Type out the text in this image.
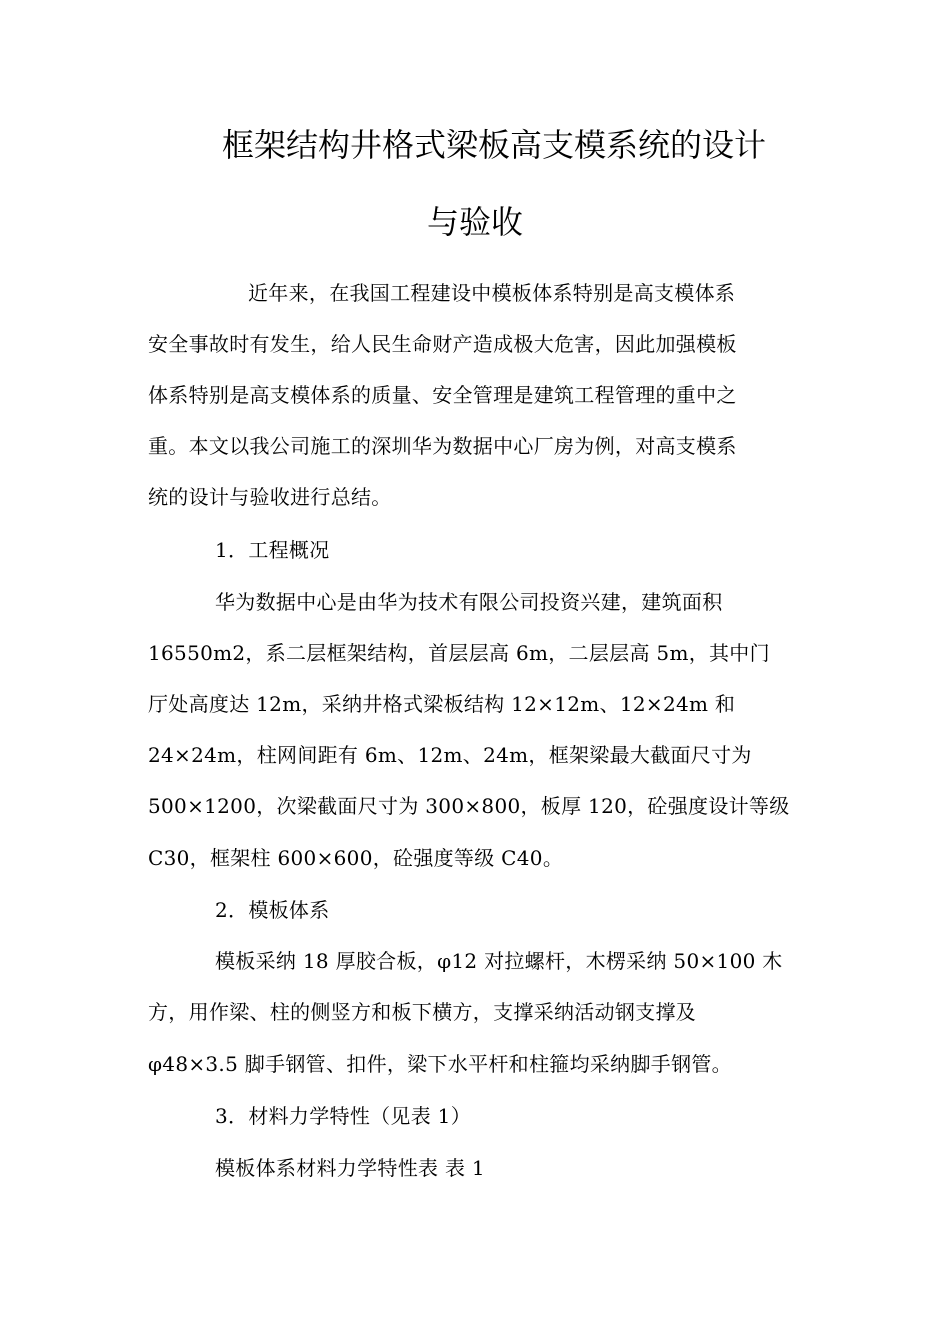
框架结构井格式梁板高支模系统的设计
与验收
近年来，在我国工程建设中模板体系特别是高支模体系
安全事故时有发生，给人民生命财产造成极大危害，因此加强模板
体系特别是高支模体系的质量、安全管理是建筑工程管理的重中之
重。本文以我公司施工的深圳华为数据中心厂房为例，对高支模系
统的设计与验收进行总结。
1．工程概况
华为数据中心是由华为技术有限公司投资兴建，建筑面积
16550m2，系二层框架结构，首层层高 6m，二层层高 5m，其中门
厅处高度达 12m，采纳井格式梁板结构 12×12m、12×24m 和
24×24m，柱网间距有 6m、12m、24m，框架梁最大截面尺寸为
500×1200，次梁截面尺寸为 300×800，板厚 120，砼强度设计等级
C30，框架柱 600×600，砼强度等级 C40。
2．模板体系
模板采纳 18 厚胶合板，φ12 对拉螺杆，木楞采纳 50×100 木
方，用作梁、柱的侧竖方和板下横方，支撑采纳活动钢支撑及
φ48×3.5 脚手钢管、扣件，梁下水平杆和柱箍均采纳脚手钢管。
3．材料力学特性（见表 1）
模板体系材料力学特性表 表 1
